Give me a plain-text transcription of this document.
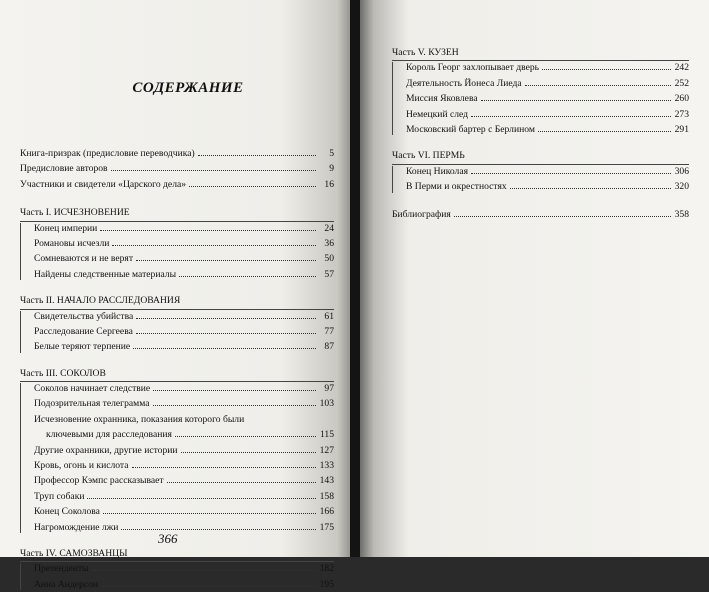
СОДЕРЖАНИЕ
Книга-призрак (предисловие переводчика)	5
Предисловие авторов	9
Участники и свидетели «Царского дела»	16
Часть I. ИСЧЕЗНОВЕНИЕ
Конец империи	24
Романовы исчезли	36
Сомневаются и не верят	50
Найдены следственные материалы	57
Часть II. НАЧАЛО РАССЛЕДОВАНИЯ
Свидетельства убийства	61
Расследование Сергеева	77
Белые теряют терпение	87
Часть III. СОКОЛОВ
Соколов начинает следствие	97
Подозрительная телеграмма	103
Исчезновение охранника, показания которого были
ключевыми для расследования	115
Другие охранники, другие истории	127
Кровь, огонь и кислота	133
Профессор Кэмпс рассказывает	143
Труп собаки	158
Конец Соколова	166
Нагромождение лжи	175
Часть IV. САМОЗВАНЦЫ
Претенденты	182
Анна Андерсон	195
366
Часть V. КУЗЕН
Король Георг захлопывает дверь	242
Деятельность Йонеса Лиеда	252
Миссия Яковлева	260
Немецкий след	273
Московский бартер с Берлином	291
Часть VI. ПЕРМЬ
Конец Николая	306
В Перми и окрестностях	320
Библиография	358
